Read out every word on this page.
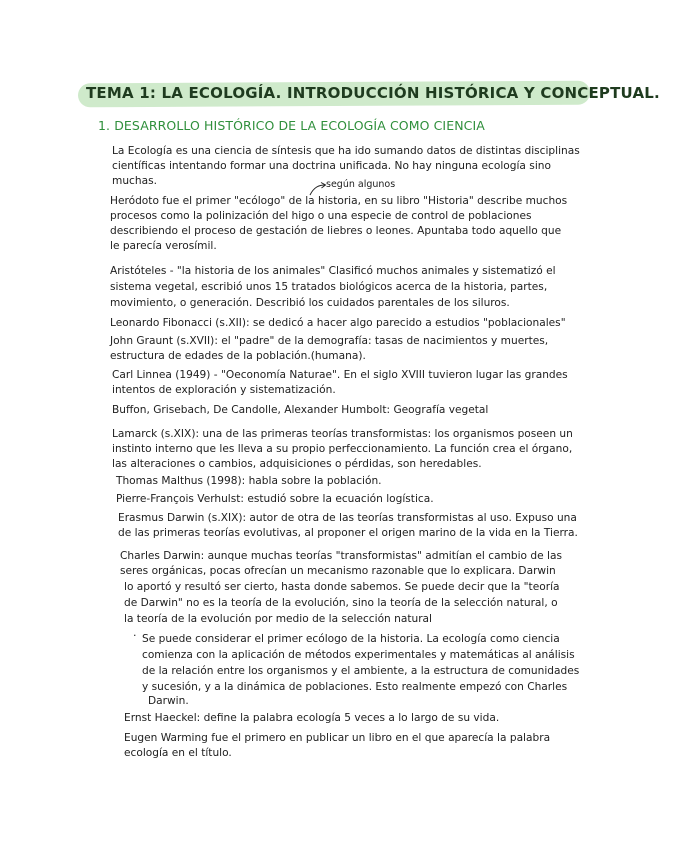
TEMA 1: LA ECOLOGÍA. INTRODUCCIÓN HISTÓRICA Y CONCEPTUAL.
1. DESARROLLO HISTÓRICO DE LA ECOLOGÍA COMO CIENCIA
según algunos
La Ecología es una ciencia de síntesis que ha ido sumando datos de distintas disciplinas
científicas intentando formar una doctrina unificada. No hay ninguna ecología sino
muchas.
Heródoto fue el primer "ecólogo" de la historia, en su libro "Historia" describe muchos
procesos como la polinización del higo o una especie de control de poblaciones
describiendo el proceso de gestación de liebres o leones. Apuntaba todo aquello que
le parecía verosímil.
Aristóteles - "la historia de los animales" Clasificó muchos animales y sistematizó el
sistema vegetal, escribió unos 15 tratados biológicos acerca de la historia, partes,
movimiento, o generación. Describió los cuidados parentales de los siluros.
Leonardo Fibonacci (s.XII): se dedicó a hacer algo parecido a estudios "poblacionales"
John Graunt (s.XVII): el "padre" de la demografía: tasas de nacimientos y muertes,
estructura de edades de la población.(humana).
Carl Linnea (1949) - "Oeconomía Naturae". En el siglo XVIII tuvieron lugar las grandes
intentos de exploración y sistematización.
Buffon, Grisebach, De Candolle, Alexander Humbolt: Geografía vegetal
Lamarck (s.XIX): una de las primeras teorías transformistas: los organismos poseen un
instinto interno que les lleva a su propio perfeccionamiento. La función crea el órgano,
las alteraciones o cambios, adquisiciones o pérdidas, son heredables.
Thomas Malthus (1998): habla sobre la población.
Pierre-François Verhulst: estudió sobre la ecuación logística.
Erasmus Darwin (s.XIX): autor de otra de las teorías transformistas al uso. Expuso una
de las primeras teorías evolutivas, al proponer el origen marino de la vida en la Tierra.
Charles Darwin: aunque muchas teorías "transformistas" admitían el cambio de las
seres orgánicas, pocas ofrecían un mecanismo razonable que lo explicara. Darwin
lo aportó y resultó ser cierto, hasta donde sabemos. Se puede decir que la "teoría
de Darwin" no es la teoría de la evolución, sino la teoría de la selección natural, o
la teoría de la evolución por medio de la selección natural
· Se puede considerar el primer ecólogo de la historia. La ecología como ciencia
comienza con la aplicación de métodos experimentales y matemáticas al análisis
de la relación entre los organismos y el ambiente, a la estructura de comunidades
y sucesión, y a la dinámica de poblaciones. Esto realmente empezó con Charles
Darwin.
Ernst Haeckel: define la palabra ecología 5 veces a lo largo de su vida.
Eugen Warming fue el primero en publicar un libro en el que aparecía la palabra
ecología en el título.
